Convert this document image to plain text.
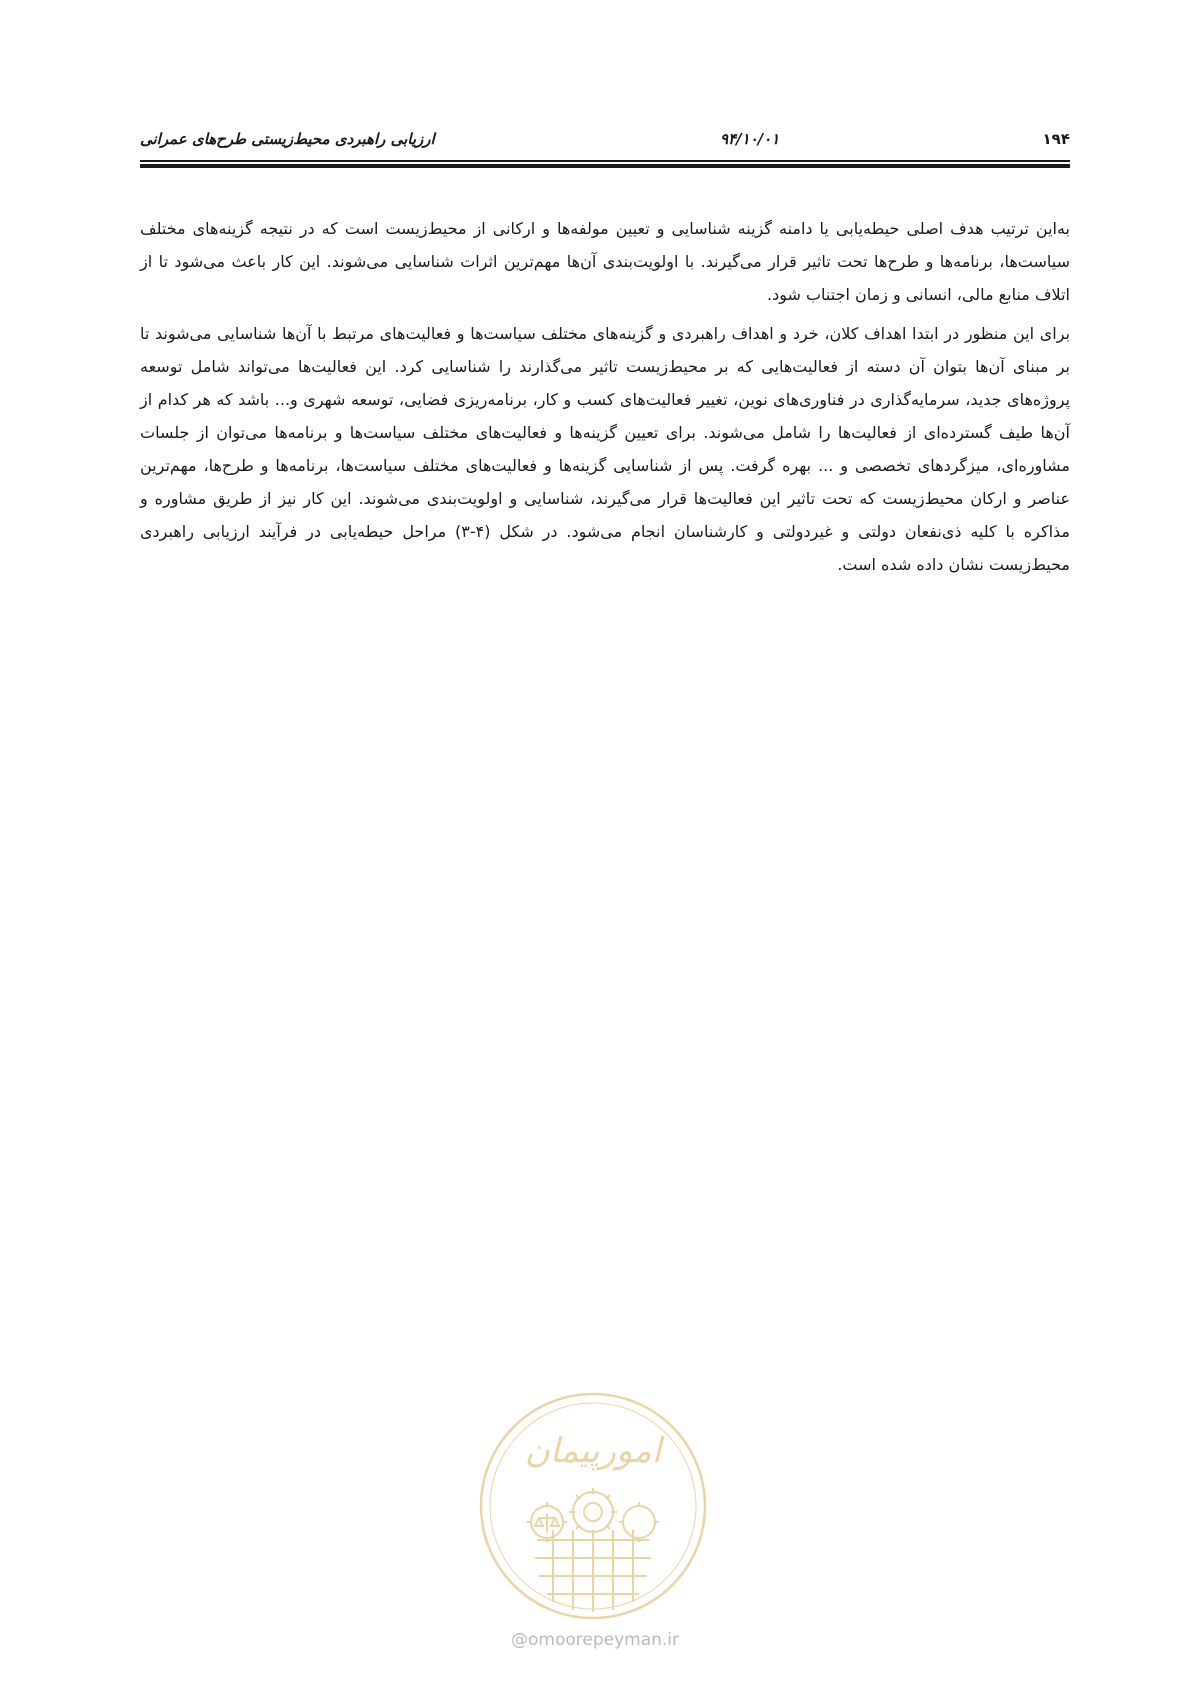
ارزیابی راهبردی محیط‌زیستی طرح‌های عمرانی	۹۴/۱۰/۰۱	۱۹۴

به‌این ترتیب هدف اصلی حیطه‌یابی یا دامنه گزینه شناسایی و تعیین مولفه‌ها و ارکانی از محیط‌زیست است که در نتیجه گزینه‌های مختلف سیاست‌ها، برنامه‌ها و طرح‌ها تحت تاثیر قرار می‌گیرند. با اولویت‌بندی آن‌ها مهم‌ترین اثرات شناسایی می‌شوند. این کار باعث می‌شود تا از اتلاف منابع مالی، انسانی و زمان اجتناب شود.

برای این منظور در ابتدا اهداف کلان، خرد و اهداف راهبردی و گزینه‌های مختلف سیاست‌ها و فعالیت‌های مرتبط با آن‌ها شناسایی می‌شوند تا بر مبنای آن‌ها بتوان آن دسته از فعالیت‌هایی که بر محیط‌زیست تاثیر می‌گذارند را شناسایی کرد. این فعالیت‌ها می‌تواند شامل توسعه پروژه‌های جدید، سرمایه‌گذاری در فناوری‌های نوین، تغییر فعالیت‌های کسب و کار، برنامه‌ریزی فضایی، توسعه شهری و... باشد که هر کدام از آن‌ها طیف گسترده‌ای از فعالیت‌ها را شامل می‌شوند. برای تعیین گزینه‌ها و فعالیت‌های مختلف سیاست‌ها و برنامه‌ها می‌توان از جلسات مشاوره‌ای، میزگردهای تخصصی و ... بهره گرفت. پس از شناسایی گزینه‌ها و فعالیت‌های مختلف سیاست‌ها، برنامه‌ها و طرح‌ها، مهم‌ترین عناصر و ارکان محیط‌زیست که تحت تاثیر این فعالیت‌ها قرار می‌گیرند، شناسایی و اولویت‌بندی می‌شوند. این کار نیز از طریق مشاوره و مذاکره با کلیه ذی‌نفعان دولتی و غیردولتی و کارشناسان انجام می‌شود. در شکل (۴-۳) مراحل حیطه‌یابی در فرآیند ارزیابی راهبردی محیط‌زیست نشان داده شده است.

امورپیمان
@omoorepeyman.ir
